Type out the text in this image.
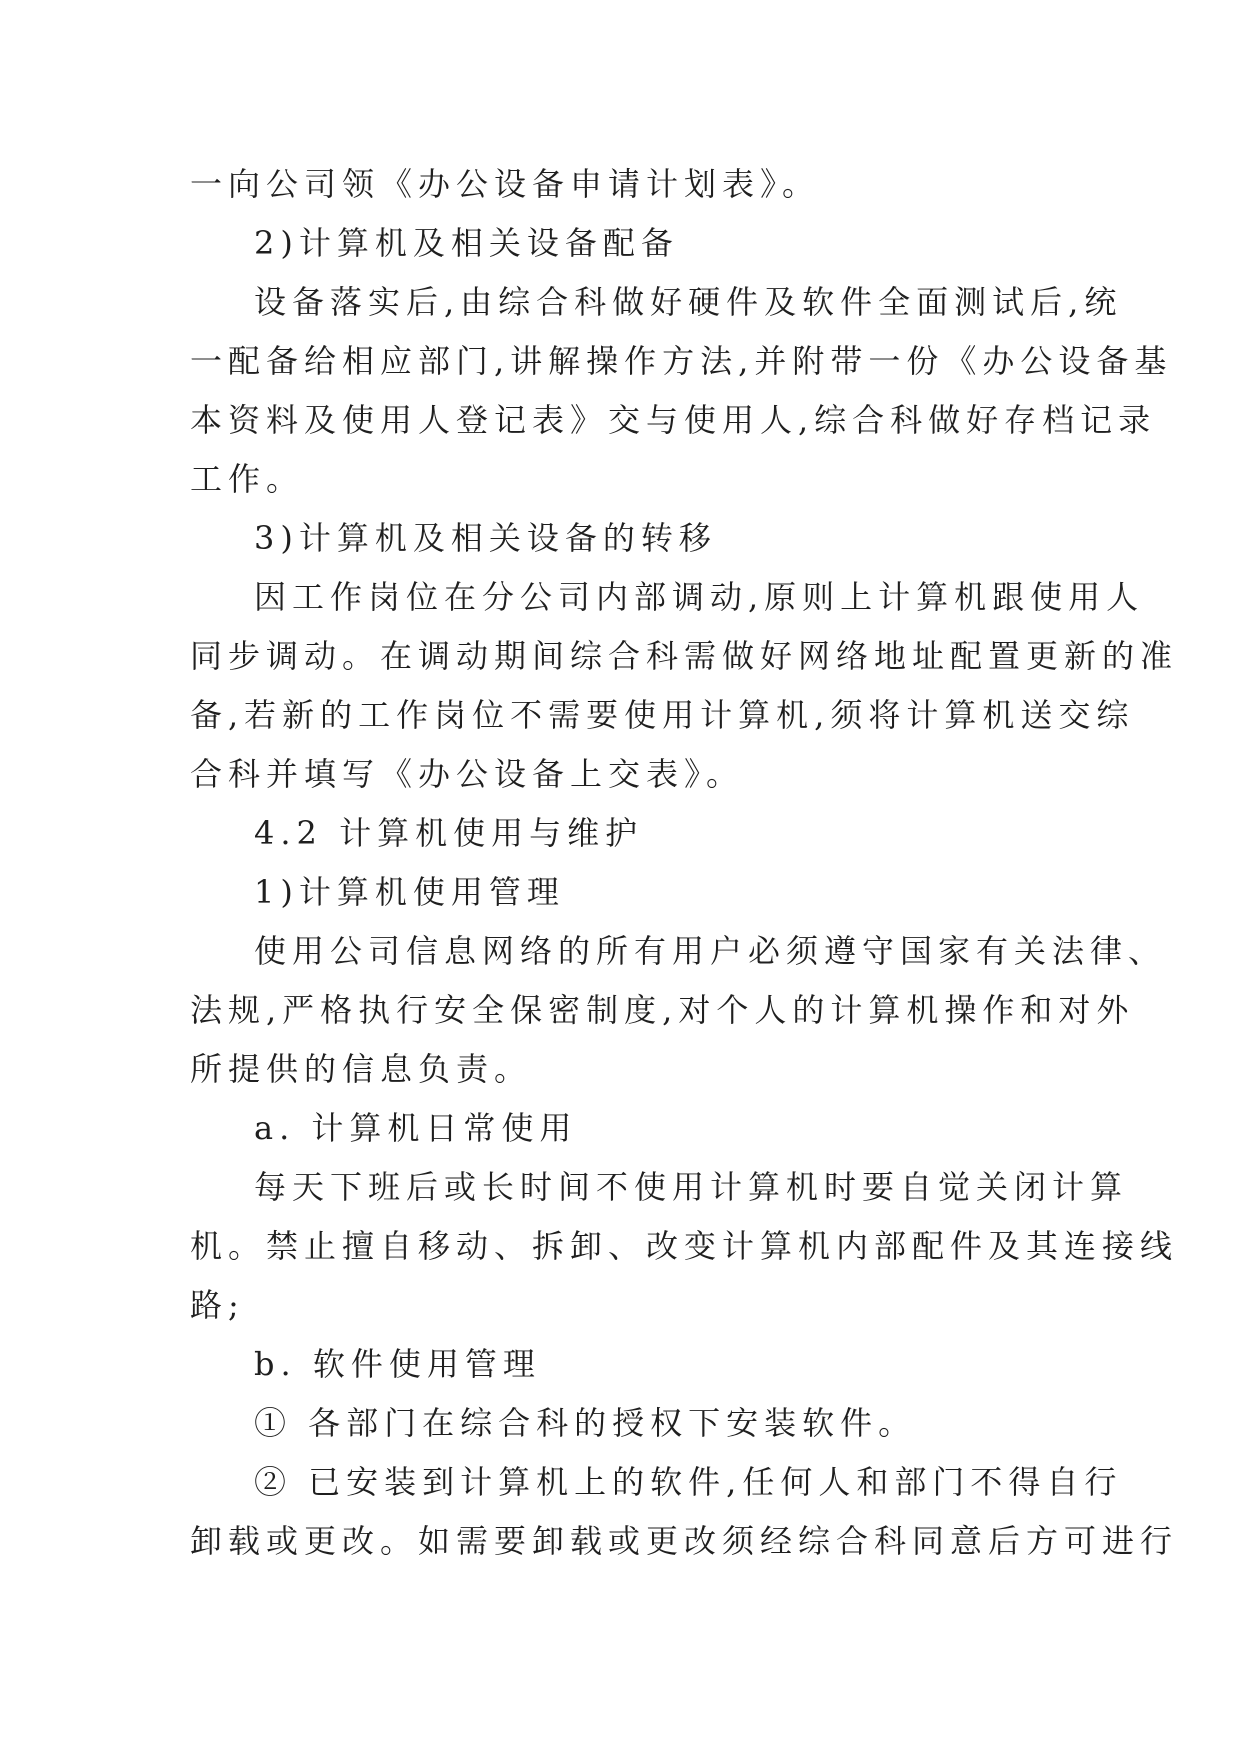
一向公司领《办公设备申请计划表》。

2)计算机及相关设备配备

设备落实后,由综合科做好硬件及软件全面测试后,统
一配备给相应部门,讲解操作方法,并附带一份《办公设备基
本资料及使用人登记表》交与使用人,综合科做好存档记录
工作。

3)计算机及相关设备的转移

因工作岗位在分公司内部调动,原则上计算机跟使用人
同步调动。在调动期间综合科需做好网络地址配置更新的准
备,若新的工作岗位不需要使用计算机,须将计算机送交综
合科并填写《办公设备上交表》。

4.2 计算机使用与维护

1)计算机使用管理

使用公司信息网络的所有用户必须遵守国家有关法律、
法规,严格执行安全保密制度,对个人的计算机操作和对外
所提供的信息负责。

a. 计算机日常使用

每天下班后或长时间不使用计算机时要自觉关闭计算
机。禁止擅自移动、拆卸、改变计算机内部配件及其连接线
路;

b. 软件使用管理

① 各部门在综合科的授权下安装软件。

② 已安装到计算机上的软件,任何人和部门不得自行
卸载或更改。如需要卸载或更改须经综合科同意后方可进行
